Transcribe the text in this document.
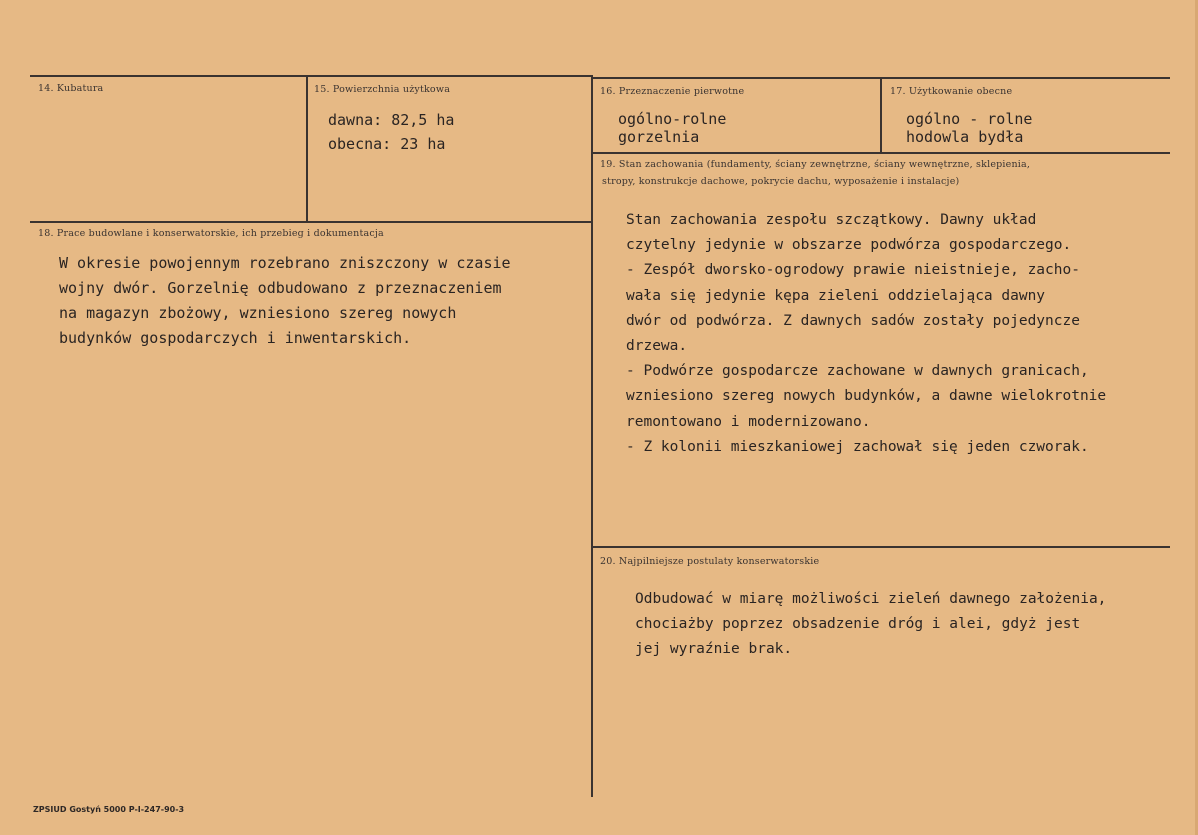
14. Kubatura	15. Powierzchnia użytkowa
dawna: 82,5 ha
obecna: 23 ha
16. Przeznaczenie pierwotne
ogólno-rolne
gorzelnia
17. Użytkowanie obecne
ogólno - rolne
hodowla bydła
18. Prace budowlane i konserwatorskie, ich przebieg i dokumentacja
W okresie powojennym rozebrano zniszczony w czasie
wojny dwór. Gorzelnię odbudowano z przeznaczeniem
na magazyn zbożowy, wzniesiono szereg nowych
budynków gospodarczych i inwentarskich.
19. Stan zachowania (fundamenty, ściany zewnętrzne, ściany wewnętrzne, sklepienia,
stropy, konstrukcje dachowe, pokrycie dachu, wyposażenie i instalacje)
Stan zachowania zespołu szczątkowy. Dawny układ
czytelny jedynie w obszarze podwórza gospodarczego.
- Zespół dworsko-ogrodowy prawie nieistnieje, zacho-
wała się jedynie kępa zieleni oddzielająca dawny
dwór od podwórza. Z dawnych sadów zostały pojedyncze
drzewa.
- Podwórze gospodarcze zachowane w dawnych granicach,
wzniesiono szereg nowych budynków, a dawne wielokrotnie
remontowano i modernizowano.
- Z kolonii mieszkaniowej zachował się jeden czworak.
20. Najpilniejsze postulaty konserwatorskie
Odbudować w miarę możliwości zieleń dawnego założenia,
chociażby poprzez obsadzenie dróg i alei, gdyż jest
jej wyraźnie brak.
ZPSIUD Gostyń 5000 P-I-247-90-3
